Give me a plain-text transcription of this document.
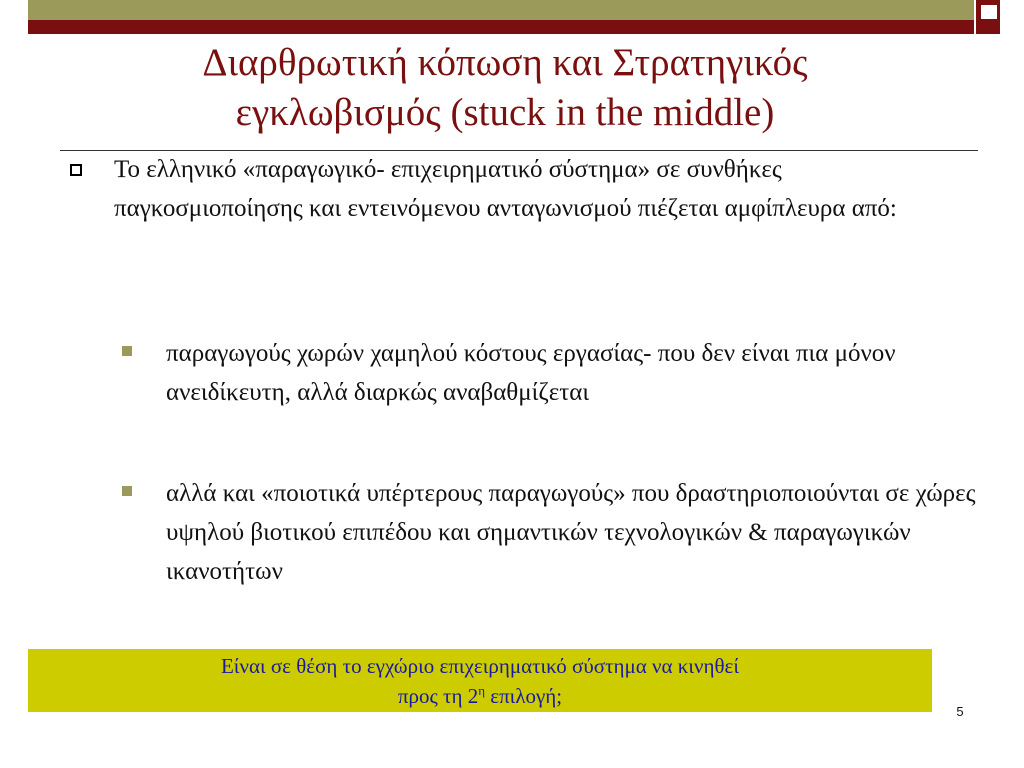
Διαρθρωτική κόπωση και Στρατηγικός
εγκλωβισμός (stuck in the middle)
Το ελληνικό «παραγωγικό- επιχειρηματικό σύστημα» σε συνθήκες παγκοσμιοποίησης και εντεινόμενου ανταγωνισμού πιέζεται αμφίπλευρα από:
παραγωγούς χωρών χαμηλού κόστους εργασίας- που δεν είναι πια μόνον ανειδίκευτη, αλλά διαρκώς αναβαθμίζεται
αλλά και «ποιοτικά υπέρτερους παραγωγούς» που δραστηριοποιούνται σε χώρες υψηλού βιοτικού επιπέδου και σημαντικών τεχνολογικών & παραγωγικών ικανοτήτων
Είναι σε θέση το εγχώριο επιχειρηματικό σύστημα να κινηθεί
προς τη $2^\eta$ επιλογή;
5
